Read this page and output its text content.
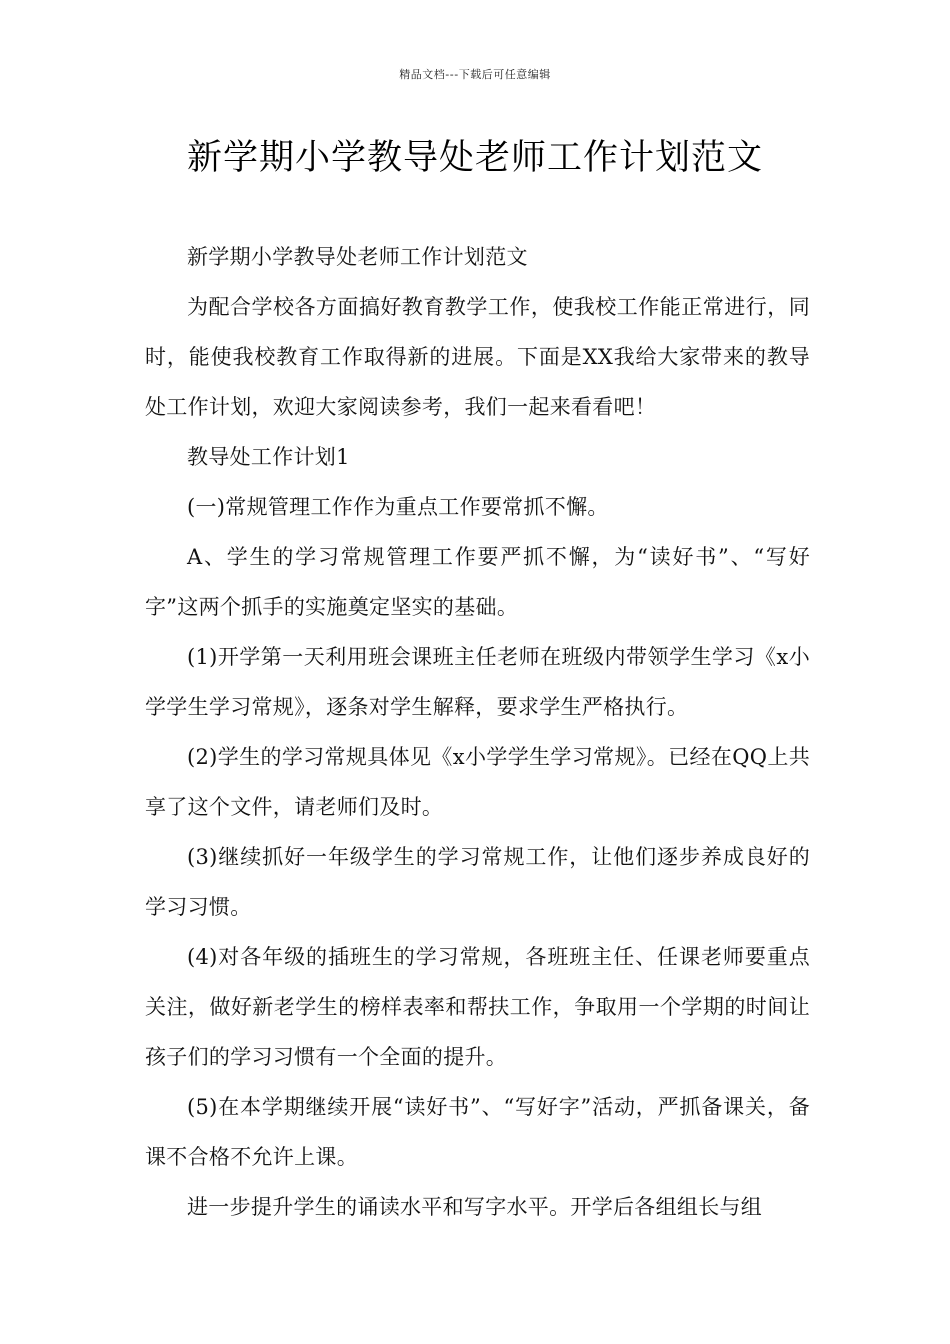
精品文档---下载后可任意编辑
新学期小学教导处老师工作计划范文

新学期小学教导处老师工作计划范文

为配合学校各方面搞好教育教学工作，使我校工作能正常进行，同时，能使我校教育工作取得新的进展。下面是XX我给大家带来的教导处工作计划，欢迎大家阅读参考，我们一起来看看吧！

教导处工作计划1

(一)常规管理工作作为重点工作要常抓不懈。

A、学生的学习常规管理工作要严抓不懈，为“读好书”、“写好字”这两个抓手的实施奠定坚实的基础。

(1)开学第一天利用班会课班主任老师在班级内带领学生学习《x小学学生学习常规》，逐条对学生解释，要求学生严格执行。

(2)学生的学习常规具体见《x小学学生学习常规》。已经在QQ上共享了这个文件，请老师们及时。

(3)继续抓好一年级学生的学习常规工作，让他们逐步养成良好的学习习惯。

(4)对各年级的插班生的学习常规，各班班主任、任课老师要重点关注，做好新老学生的榜样表率和帮扶工作，争取用一个学期的时间让孩子们的学习习惯有一个全面的提升。

(5)在本学期继续开展“读好书”、“写好字”活动，严抓备课关，备课不合格不允许上课。

进一步提升学生的诵读水平和写字水平。开学后各组组长与组
